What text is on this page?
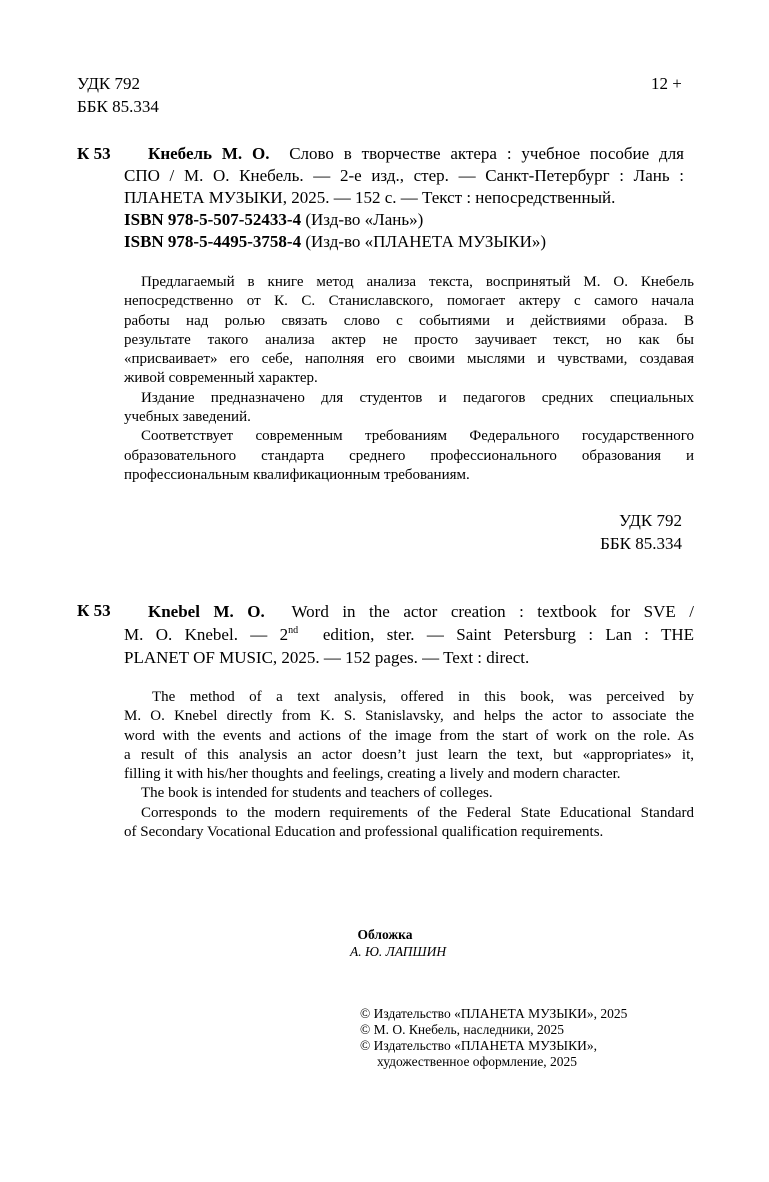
УДК 792
ББК 85.334
12 +
К 53	Кнебель М. О. Слово в творчестве актера : учебное пособие для
СПО / М. О. Кнебель. — 2-е изд., стер. — Санкт-Петербург : Лань :
ПЛАНЕТА МУЗЫКИ, 2025. — 152 с. — Текст : непосредственный.
ISBN 978-5-507-52433-4 (Изд-во «Лань»)
ISBN 978-5-4495-3758-4 (Изд-во «ПЛАНЕТА МУЗЫКИ»)
Предлагаемый в книге метод анализа текста, воспринятый М. О. Кнебель
непосредственно от К. С. Станиславского, помогает актеру с самого начала
работы над ролью связать слово с событиями и действиями образа. В
результате такого анализа актер не просто заучивает текст, но как бы
«присваивает» его себе, наполняя его своими мыслями и чувствами, создавая
живой современный характер.
Издание предназначено для студентов и педагогов средних специальных
учебных заведений.
Соответствует современным требованиям Федерального государственного
образовательного стандарта среднего профессионального образования и
профессиональным квалификационным требованиям.
УДК 792
ББК 85.334
К 53	Knebel M. O. Word in the actor creation : textbook for SVE /
M. O. Knebel. — 2nd edition, ster. — Saint Petersburg : Lan : THE
PLANET OF MUSIC, 2025. — 152 pages. — Text : direct.
The method of a text analysis, offered in this book, was perceived by
M. O. Knebel directly from K. S. Stanislavsky, and helps the actor to associate the
word with the events and actions of the image from the start of work on the role. As
a result of this analysis an actor doesn’t just learn the text, but «appropriates» it,
filling it with his/her thoughts and feelings, creating a lively and modern character.
The book is intended for students and teachers of colleges.
Corresponds to the modern requirements of the Federal State Educational Standard
of Secondary Vocational Education and professional qualification requirements.
Обложка
А. Ю. ЛАПШИН
© Издательство «ПЛАНЕТА МУЗЫКИ», 2025
© М. О. Кнебель, наследники, 2025
© Издательство «ПЛАНЕТА МУЗЫКИ»,
художественное оформление, 2025
